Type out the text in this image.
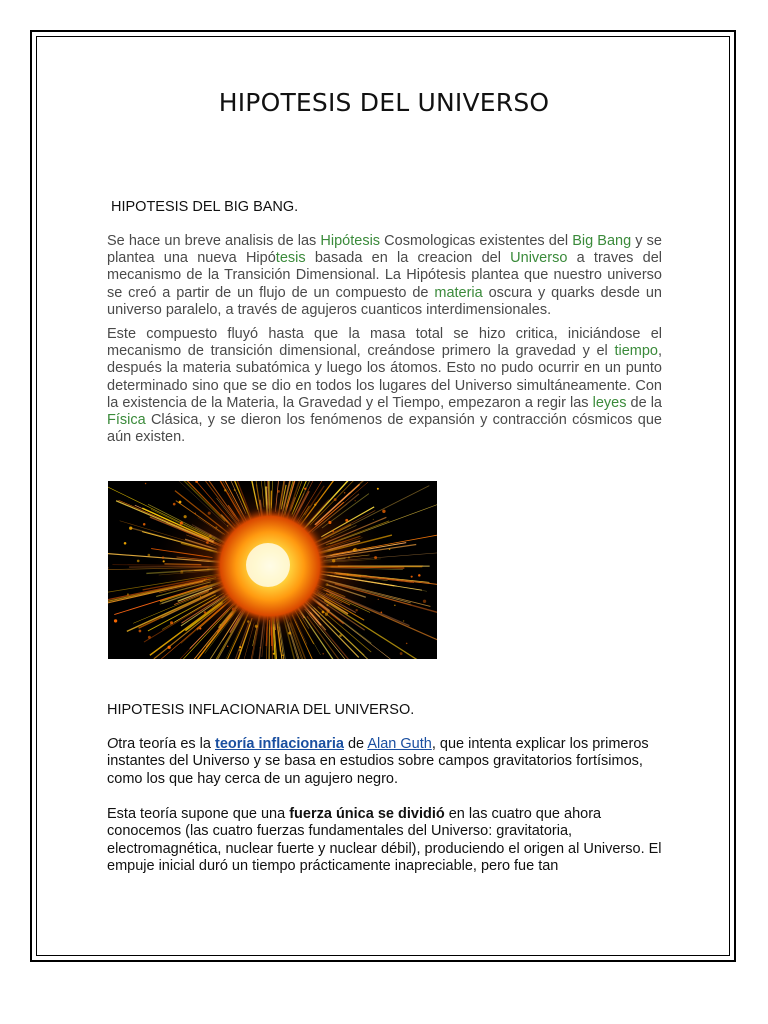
HIPOTESIS DEL UNIVERSO

HIPOTESIS DEL BIG BANG.

Se hace un breve analisis de las Hipótesis Cosmologicas existentes del Big Bang y se plantea una nueva Hipótesis basada en la creacion del Universo a traves del mecanismo de la Transición Dimensional. La Hipótesis plantea que nuestro universo se creó a partir de un flujo de un compuesto de materia oscura y quarks desde un universo paralelo, a través de agujeros cuanticos interdimensionales.

Este compuesto fluyó hasta que la masa total se hizo critica, iniciándose el mecanismo de transición dimensional, creándose primero la gravedad y el tiempo, después la materia subatómica y luego los átomos. Esto no pudo ocurrir en un punto determinado sino que se dio en todos los lugares del Universo simultáneamente. Con la existencia de la Materia, la Gravedad y el Tiempo, empezaron a regir las leyes de la Física Clásica, y se dieron los fenómenos de expansión y contracción cósmicos que aún existen.

HIPOTESIS INFLACIONARIA DEL UNIVERSO.

Otra teoría es la teoría inflacionaria de Alan Guth, que intenta explicar los primeros instantes del Universo y se basa en estudios sobre campos gravitatorios fortísimos, como los que hay cerca de un agujero negro.

Esta teoría supone que una fuerza única se dividió en las cuatro que ahora conocemos (las cuatro fuerzas fundamentales del Universo: gravitatoria, electromagnética, nuclear fuerte y nuclear débil), produciendo el origen al Universo. El empuje inicial duró un tiempo prácticamente inapreciable, pero fue tan
